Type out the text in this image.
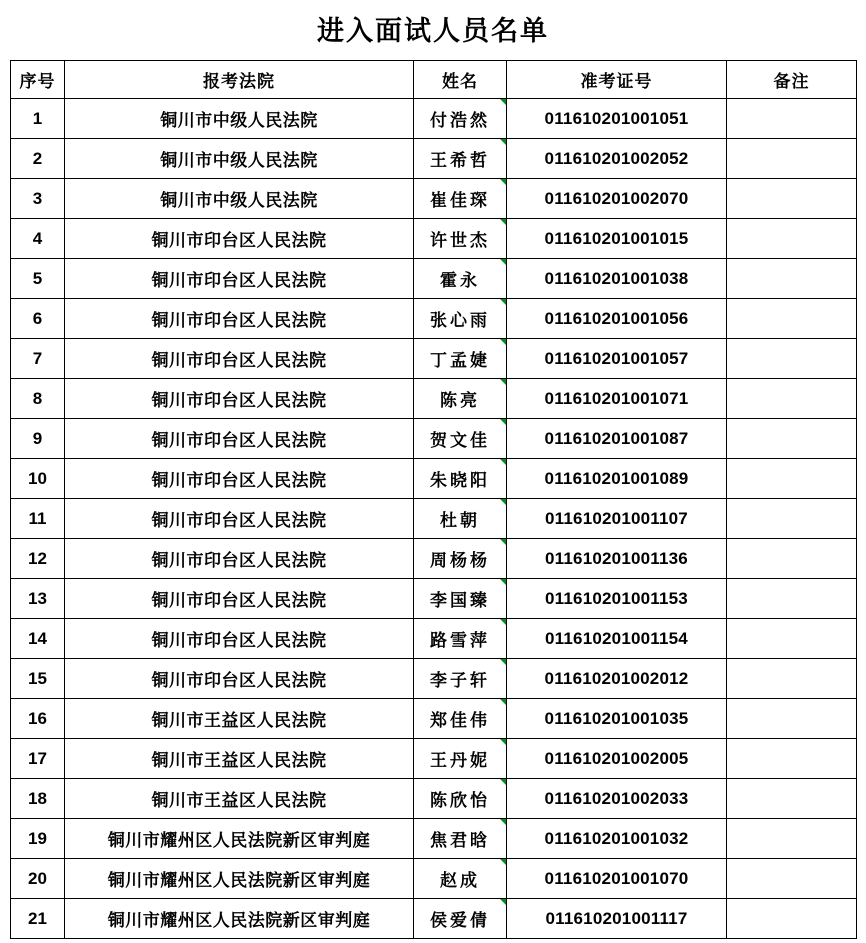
进入面试人员名单
序号	报考法院	姓名	准考证号	备注
1	铜川市中级人民法院	付浩然	011610201001051	
2	铜川市中级人民法院	王希哲	011610201002052	
3	铜川市中级人民法院	崔佳琛	011610201002070	
4	铜川市印台区人民法院	许世杰	011610201001015	
5	铜川市印台区人民法院	霍永	011610201001038	
6	铜川市印台区人民法院	张心雨	011610201001056	
7	铜川市印台区人民法院	丁孟婕	011610201001057	
8	铜川市印台区人民法院	陈亮	011610201001071	
9	铜川市印台区人民法院	贺文佳	011610201001087	
10	铜川市印台区人民法院	朱晓阳	011610201001089	
11	铜川市印台区人民法院	杜朝	011610201001107	
12	铜川市印台区人民法院	周杨杨	011610201001136	
13	铜川市印台区人民法院	李国臻	011610201001153	
14	铜川市印台区人民法院	路雪萍	011610201001154	
15	铜川市印台区人民法院	李子轩	011610201002012	
16	铜川市王益区人民法院	郑佳伟	011610201001035	
17	铜川市王益区人民法院	王丹妮	011610201002005	
18	铜川市王益区人民法院	陈欣怡	011610201002033	
19	铜川市耀州区人民法院新区审判庭	焦君晗	011610201001032	
20	铜川市耀州区人民法院新区审判庭	赵成	011610201001070	
21	铜川市耀州区人民法院新区审判庭	侯爱倩	011610201001117	
